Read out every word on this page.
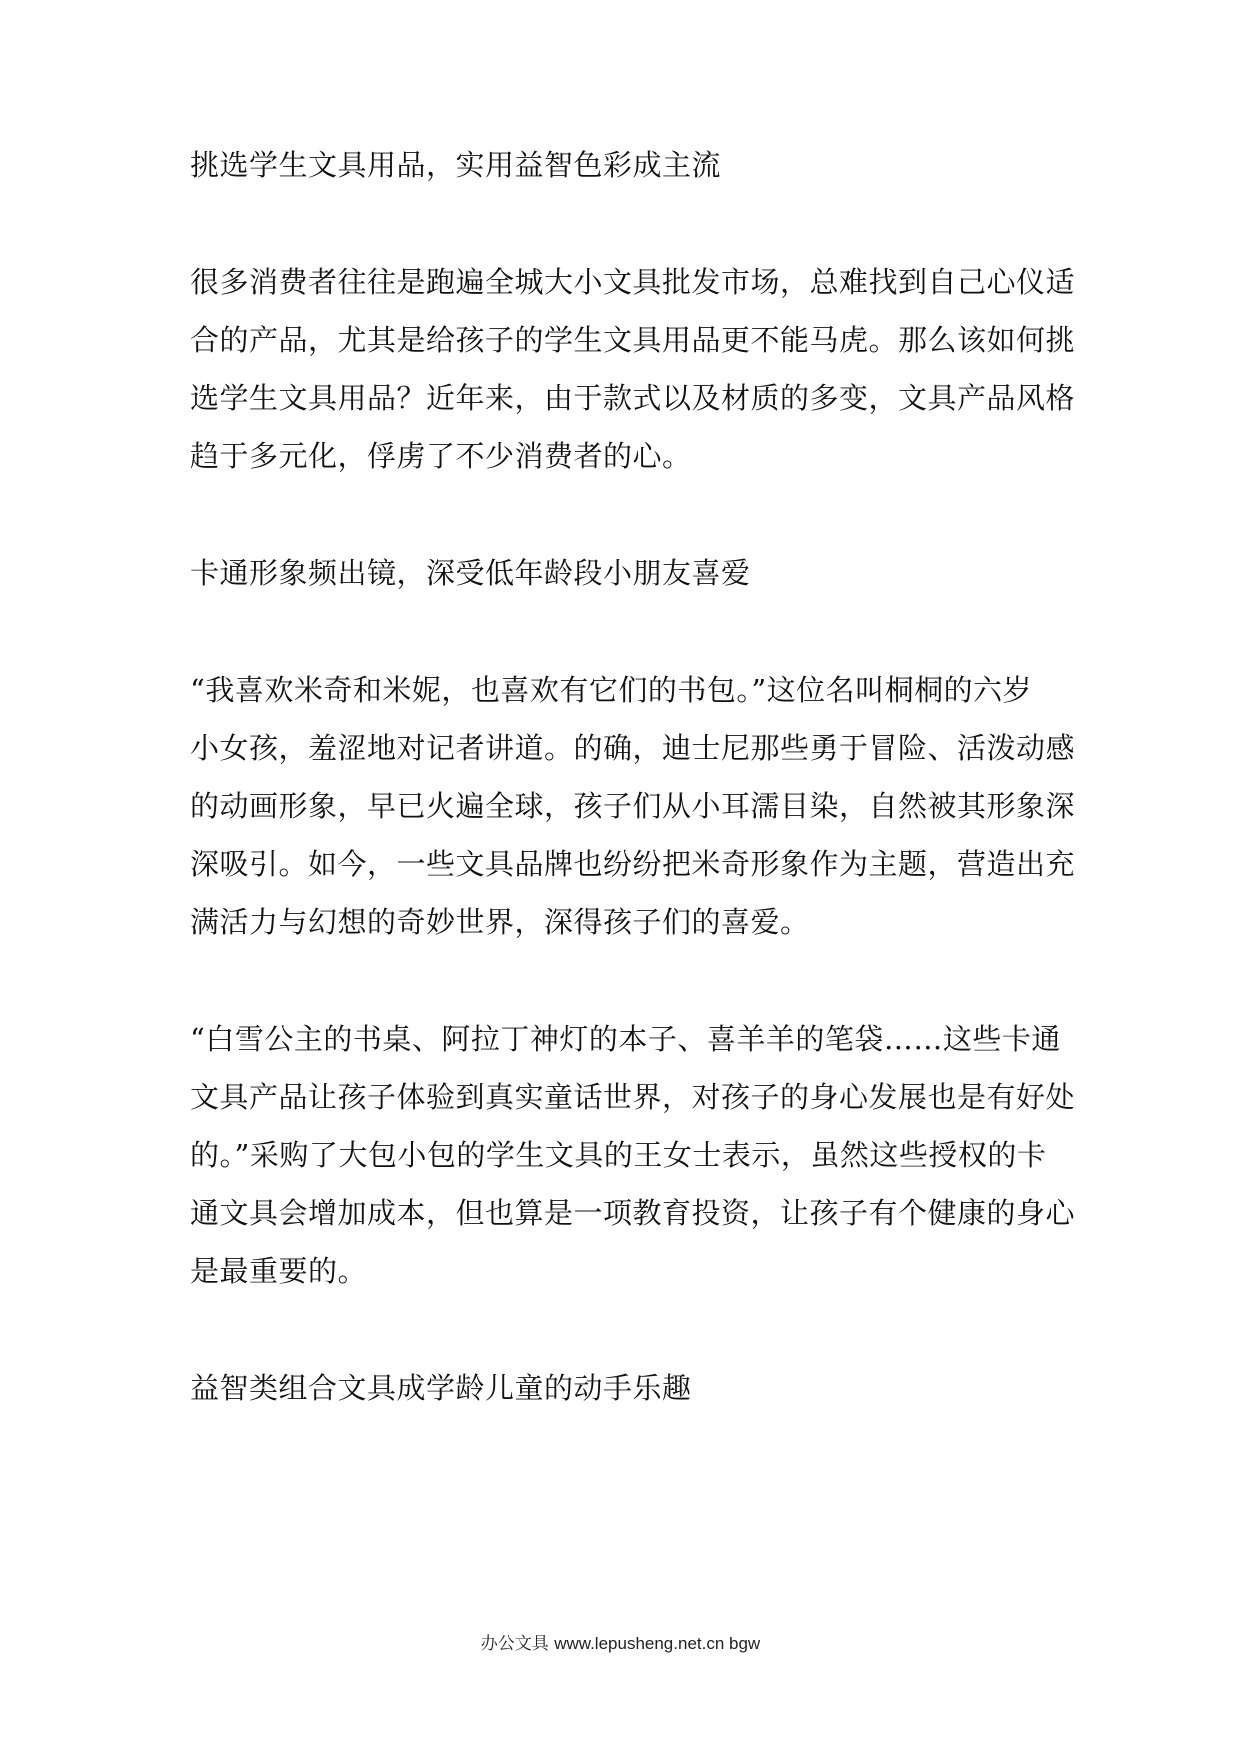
挑选学生文具用品，实用益智色彩成主流
很多消费者往往是跑遍全城大小文具批发市场，总难找到自己心仪适
合的产品，尤其是给孩子的学生文具用品更不能马虎。那么该如何挑
选学生文具用品？近年来，由于款式以及材质的多变，文具产品风格
趋于多元化，俘虏了不少消费者的心。
卡通形象频出镜，深受低年龄段小朋友喜爱
“我喜欢米奇和米妮，也喜欢有它们的书包。”这位名叫桐桐的六岁
小女孩，羞涩地对记者讲道。的确，迪士尼那些勇于冒险、活泼动感
的动画形象，早已火遍全球，孩子们从小耳濡目染，自然被其形象深
深吸引。如今，一些文具品牌也纷纷把米奇形象作为主题，营造出充
满活力与幻想的奇妙世界，深得孩子们的喜爱。
“白雪公主的书桌、阿拉丁神灯的本子、喜羊羊的笔袋……这些卡通
文具产品让孩子体验到真实童话世界，对孩子的身心发展也是有好处
的。”采购了大包小包的学生文具的王女士表示，虽然这些授权的卡
通文具会增加成本，但也算是一项教育投资，让孩子有个健康的身心
是最重要的。
益智类组合文具成学龄儿童的动手乐趣
办公文具 www.lepusheng.net.cn bgw
